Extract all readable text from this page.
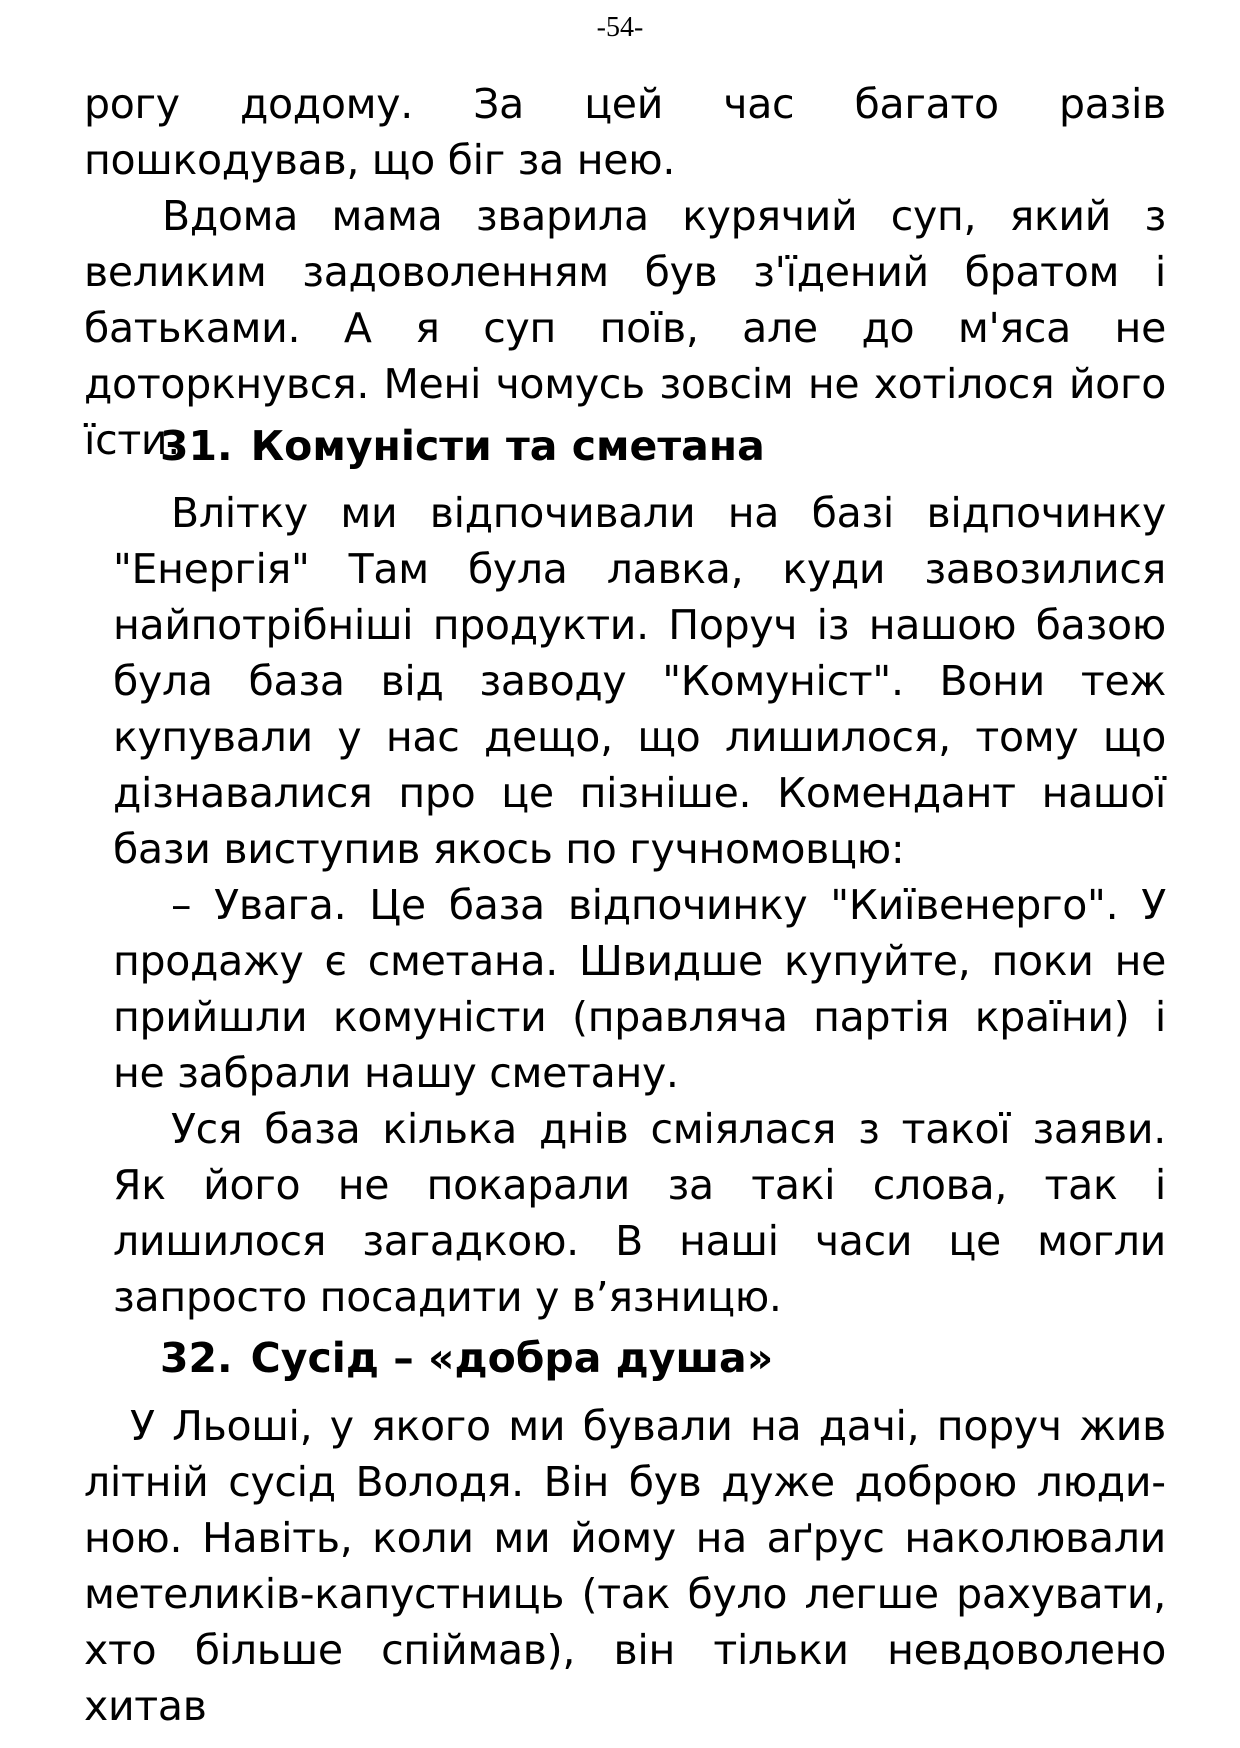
-54-

рогу додому. За цей час багато разів пошкодував, що біг за нею.

Вдома мама зварила курячий суп, який з великим задоволенням був з'їдений братом і батьками. А я суп поїв, але до м'яса не доторкнувся. Мені чомусь зовсім не хотілося його їсти.

31. Комуністи та сметана

Влітку ми відпочивали на базі відпочинку "Енергія" Там була лавка, куди завозилися найпотрібніші продукти. Поруч із нашою базою була база від заводу "Комуніст". Вони теж купували у нас дещо, що лишилося, тому що дізнавалися про це пізніше. Комендант нашої бази виступив якось по гучномовцю:

– Увага. Це база відпочинку "Київенерго". У продажу є сметана. Швидше купуйте, поки не прийшли комуністи (правляча партія країни) і не забрали нашу сметану.

Уся база кілька днів сміялася з такої заяви. Як його не покарали за такі слова, так і лишилося загадкою. В наші часи це могли запросто посадити у в’язницю.

32. Сусід – «добра душа»

У Льоші, у якого ми бували на дачі, поруч жив літній сусід Володя. Він був дуже доброю людиною. Навіть, коли ми йому на аґрус наколювали метеликів-капустниць (так було легше рахувати, хто більше спіймав), він тільки невдоволено хитав
